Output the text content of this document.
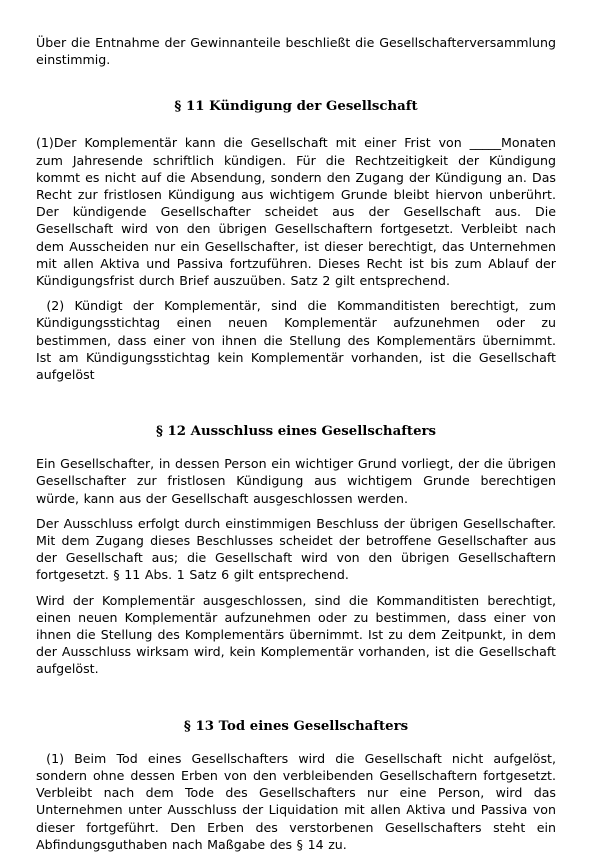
Über die Entnahme der Gewinnanteile beschließt die Gesellschafterversammlung einstimmig.

§ 11 Kündigung der Gesellschaft

(1)Der Komplementär kann die Gesellschaft mit einer Frist von _____Monaten zum Jahresende schriftlich kündigen. Für die Rechtzeitigkeit der Kündigung kommt es nicht auf die Absendung, sondern den Zugang der Kündigung an. Das Recht zur fristlosen Kündigung aus wichtigem Grunde bleibt hiervon unberührt. Der kündigende Gesellschafter scheidet aus der Gesellschaft aus. Die Gesellschaft wird von den übrigen Gesellschaftern fortgesetzt. Verbleibt nach dem Ausscheiden nur ein Gesellschafter, ist dieser berechtigt, das Unternehmen mit allen Aktiva und Passiva fortzuführen. Dieses Recht ist bis zum Ablauf der Kündigungsfrist durch Brief auszuüben. Satz 2 gilt entsprechend.

(2) Kündigt der Komplementär, sind die Kommanditisten berechtigt, zum Kündigungsstichtag einen neuen Komplementär aufzunehmen oder zu bestimmen, dass einer von ihnen die Stellung des Komplementärs übernimmt. Ist am Kündigungsstichtag kein Komplementär vorhanden, ist die Gesellschaft aufgelöst

§ 12 Ausschluss eines Gesellschafters

Ein Gesellschafter, in dessen Person ein wichtiger Grund vorliegt, der die übrigen Gesellschafter zur fristlosen Kündigung aus wichtigem Grunde berechtigen würde, kann aus der Gesellschaft ausgeschlossen werden.

Der Ausschluss erfolgt durch einstimmigen Beschluss der übrigen Gesellschafter. Mit dem Zugang dieses Beschlusses scheidet der betroffene Gesellschafter aus der Gesellschaft aus; die Gesellschaft wird von den übrigen Gesellschaftern fortgesetzt. § 11 Abs. 1 Satz 6 gilt entsprechend.

Wird der Komplementär ausgeschlossen, sind die Kommanditisten berechtigt, einen neuen Komplementär aufzunehmen oder zu bestimmen, dass einer von ihnen die Stellung des Komplementärs übernimmt. Ist zu dem Zeitpunkt, in dem der Ausschluss wirksam wird, kein Komplementär vorhanden, ist die Gesellschaft aufgelöst.

§ 13 Tod eines Gesellschafters

(1) Beim Tod eines Gesellschafters wird die Gesellschaft nicht aufgelöst, sondern ohne dessen Erben von den verbleibenden Gesellschaftern fortgesetzt. Verbleibt nach dem Tode des Gesellschafters nur eine Person, wird das Unternehmen unter Ausschluss der Liquidation mit allen Aktiva und Passiva von dieser fortgeführt. Den Erben des verstorbenen Gesellschafters steht ein Abfindungsguthaben nach Maßgabe des § 14 zu.
